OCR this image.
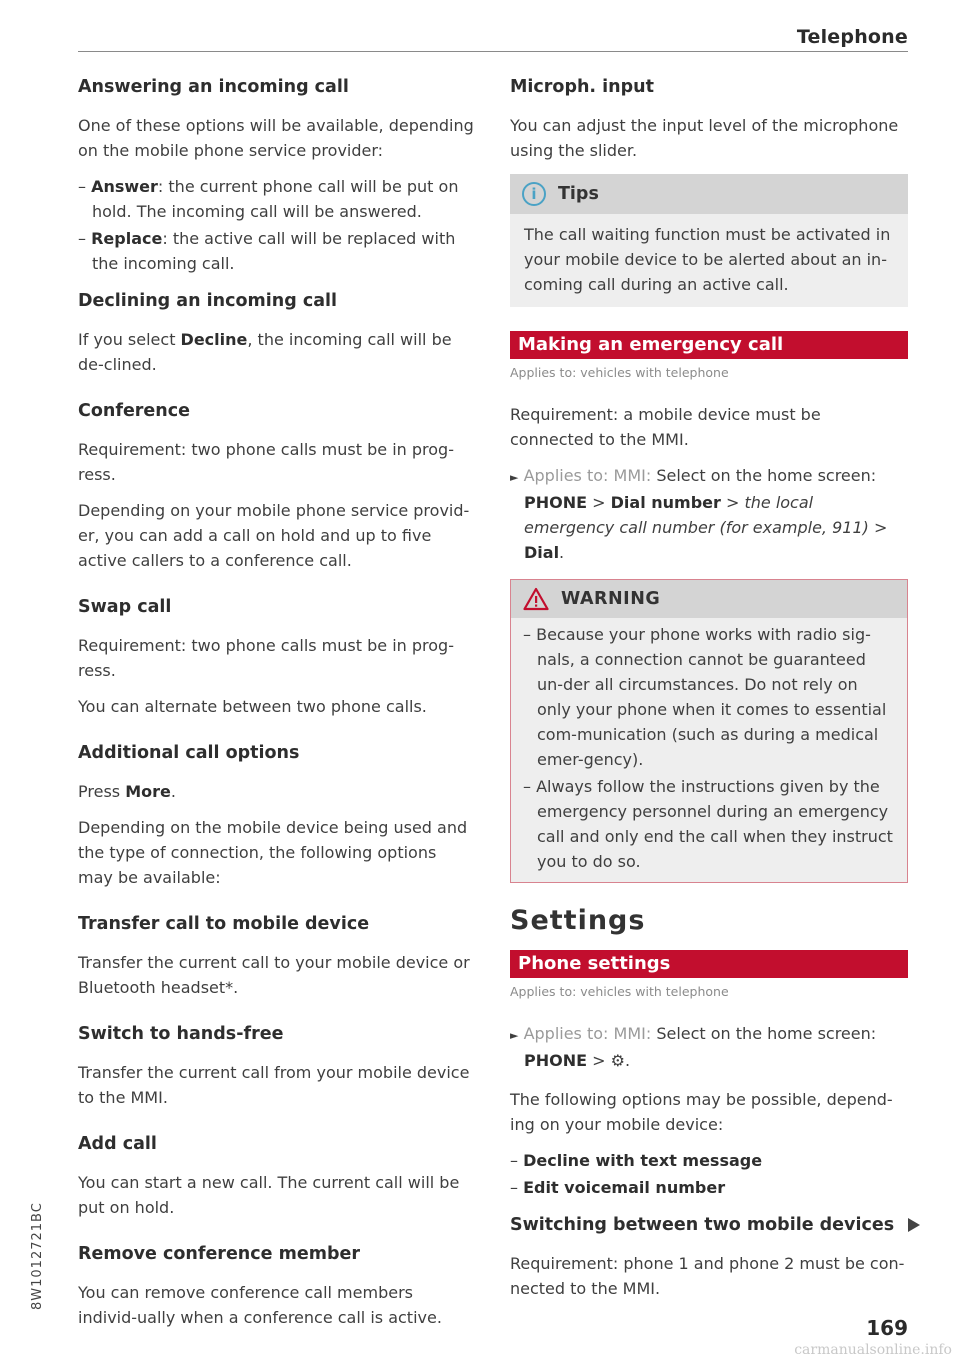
Telephone
Answering an incoming call

One of these options will be available, depending on the mobile phone service provider:

– Answer: the current phone call will be put on hold. The incoming call will be answered.
– Replace: the active call will be replaced with the incoming call.
Declining an incoming call

If you select Decline, the incoming call will be de-clined.

Conference

Requirement: two phone calls must be in prog-ress.

Depending on your mobile phone service provid-er, you can add a call on hold and up to five active callers to a conference call.

Swap call

Requirement: two phone calls must be in prog-ress.

You can alternate between two phone calls.

Additional call options

Press More.

Depending on the mobile device being used and the type of connection, the following options may be available:

Transfer call to mobile device

Transfer the current call to your mobile device or Bluetooth headset*.

Switch to hands-free

Transfer the current call from your mobile device to the MMI.

Add call

You can start a new call. The current call will be put on hold.

Remove conference member

You can remove conference call members individ-ually when a conference call is active.

Microph. input

You can adjust the input level of the microphone using the slider.

i	Tips
The call waiting function must be activated in your mobile device to be alerted about an in-coming call during an active call.
Making an emergency call
Applies to: vehicles with telephone

Requirement: a mobile device must be connected to the MMI.

► Applies to: MMI: Select on the home screen: PHONE > Dial number > the local emergency call number (for example, 911) > Dial.
WARNING
– Because your phone works with radio sig-nals, a connection cannot be guaranteed un-der all circumstances. Do not rely on only your phone when it comes to essential com-munication (such as during a medical emer-gency).
– Always follow the instructions given by the emergency personnel during an emergency call and only end the call when they instruct you to do so.
Settings
Phone settings
Applies to: vehicles with telephone
► Applies to: MMI: Select on the home screen: PHONE > ⚙.

The following options may be possible, depend-ing on your mobile device:

– Decline with text message
– Edit voicemail number
Switching between two mobile devices

Requirement: phone 1 and phone 2 must be con-nected to the MMI.

8W1012721BC
169
carmanualsonline.info
